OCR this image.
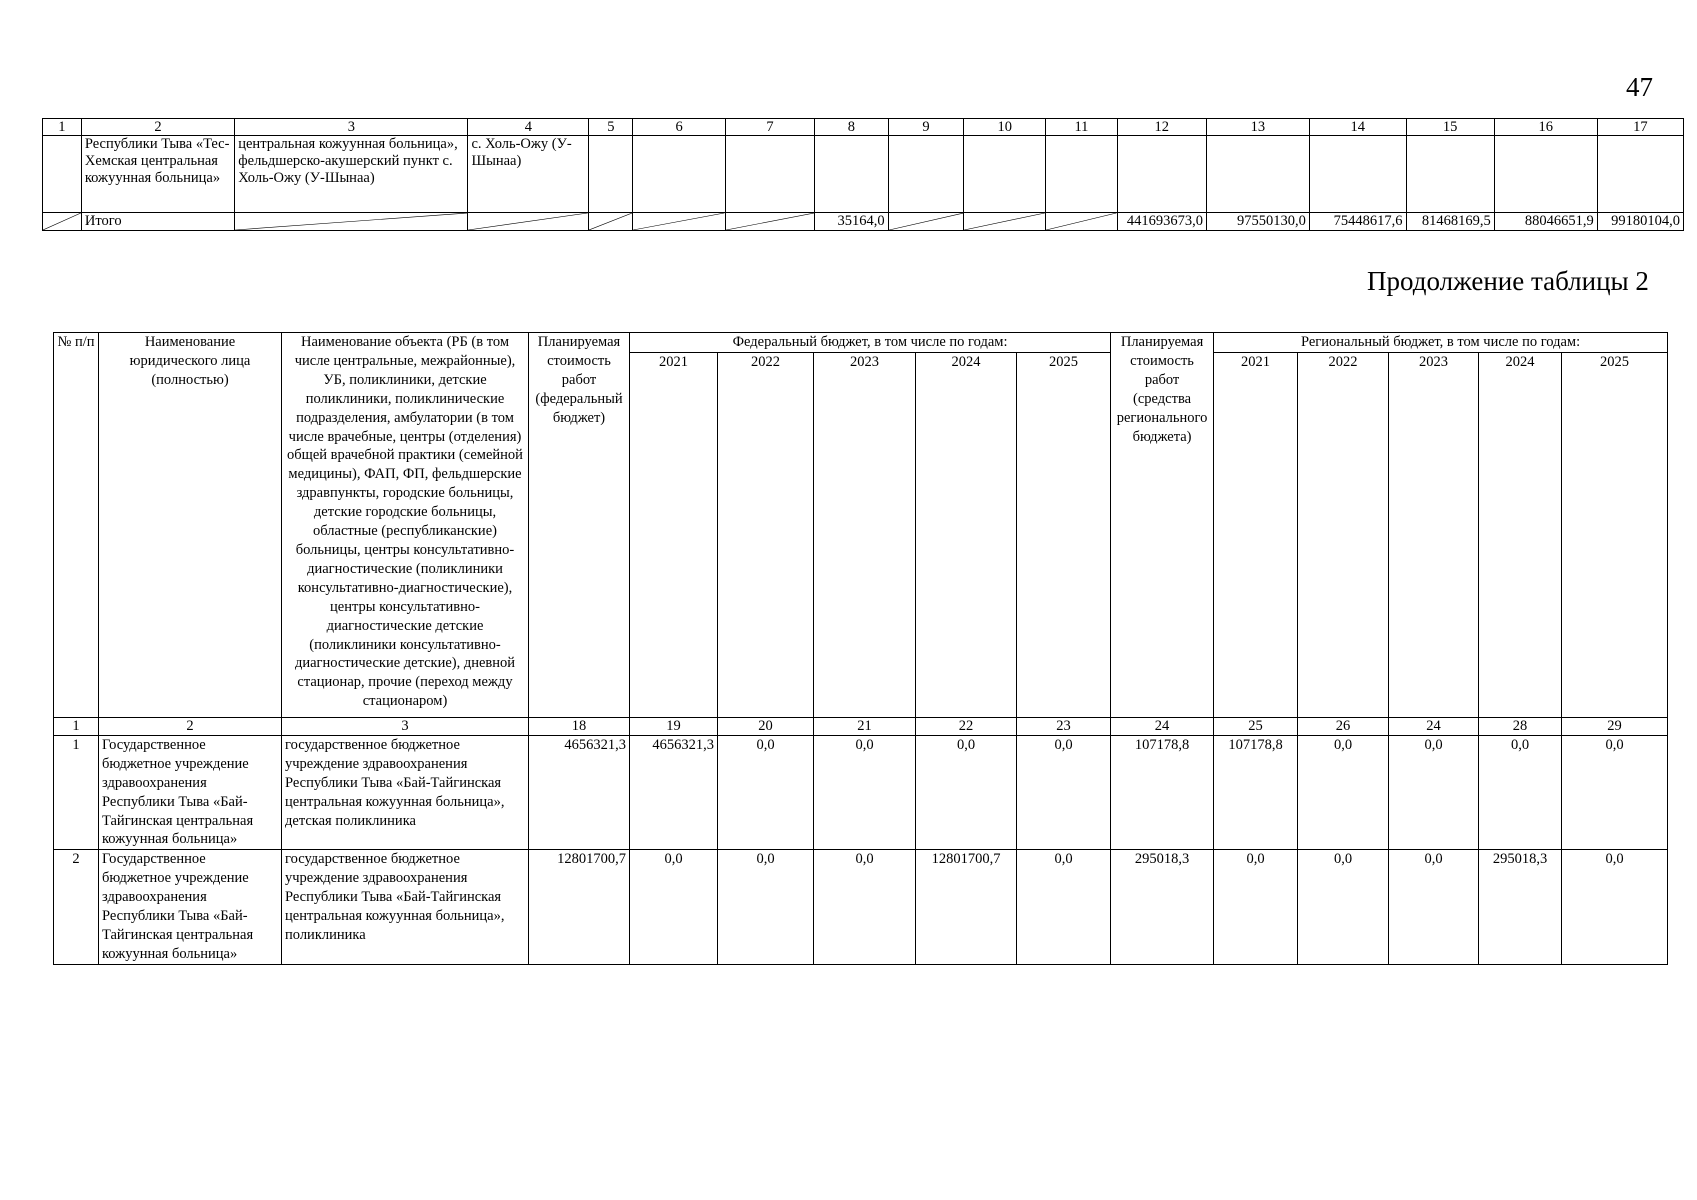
47
1	2	3	4	5	6	7	8	9	10	11	12	13	14	15	16	17
	Республики Тыва «Тес-Хемская центральная кожуунная больница»	центральная кожуунная больница», фельдшерско-акушерский пункт с. Холь-Ожу (У-Шынаа)	с. Холь-Ожу (У-Шынаа)													

	Итого						35164,0				441693673,0	97550130,0	75448617,6	81468169,5	88046651,9	99180104,0
Продолжение таблицы 2
№ п/п	Наименование юридического лица (полностью)	Наименование объекта (РБ (в том числе центральные, межрайонные), УБ, поликлиники, детские поликлиники, поликлинические подразделения, амбулатории (в том числе врачебные, центры (отделения) общей врачебной практики (семейной медицины), ФАП, ФП, фельдшерские здравпункты, городские больницы, детские городские больницы, областные (республиканские) больницы, центры консультативно-диагностические (поликлиники консультативно-диагностические), центры консультативно-диагностические детские (поликлиники консультативно-диагностические детские), дневной стационар, прочие (переход между стационаром)	Планируемая стоимость работ (федеральный бюджет)	Федеральный бюджет, в том числе по годам:					Планируемая стоимость работ (средства регионального бюджета)	Региональный бюджет, в том числе по годам:				
				2021	2022	2023	2024	2025		2021	2022	2023	2024	2025
1	2	3	18	19	20	21	22	23	24	25	26	24	28	29
1	Государственное бюджетное учреждение здравоохранения Республики Тыва «Бай-Тайгинская центральная кожуунная больница»	государственное бюджетное учреждение здравоохранения Республики Тыва «Бай-Тайгинская центральная кожуунная больница», детская поликлиника	4656321,3	4656321,3	0,0	0,0	0,0	0,0	107178,8	107178,8	0,0	0,0	0,0	0,0
2	Государственное бюджетное учреждение здравоохранения Республики Тыва «Бай-Тайгинская центральная кожуунная больница»	государственное бюджетное учреждение здравоохранения Республики Тыва «Бай-Тайгинская центральная кожуунная больница», поликлиника	12801700,7	0,0	0,0	0,0	12801700,7	0,0	295018,3	0,0	0,0	0,0	295018,3	0,0
